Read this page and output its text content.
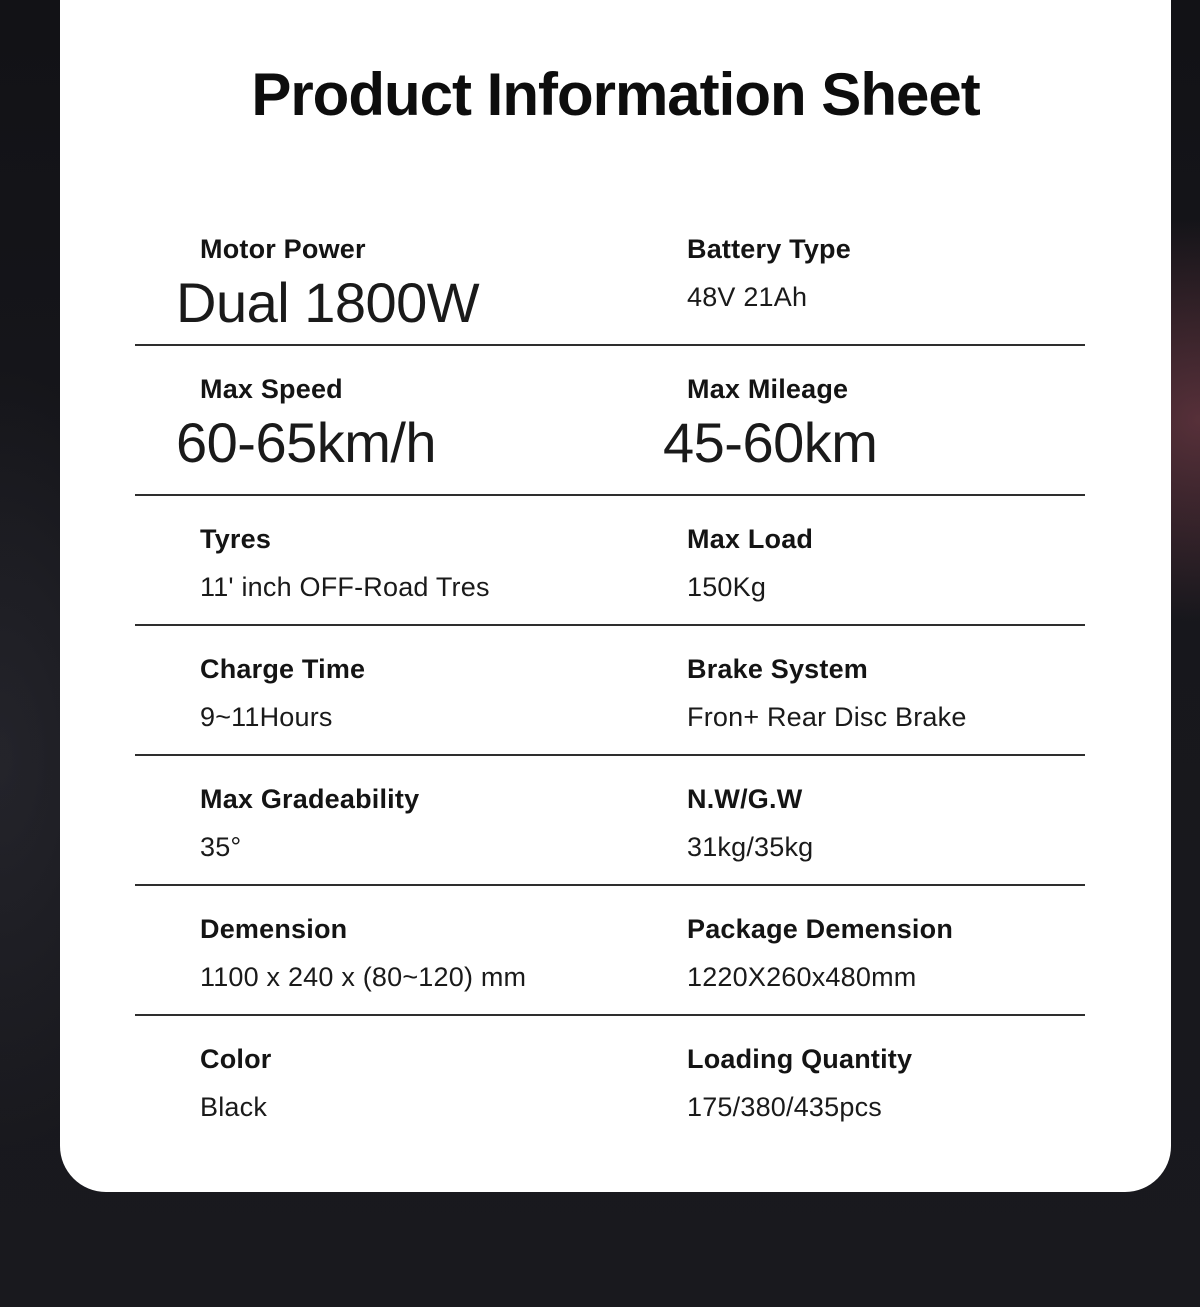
Product Information Sheet
Motor Power
Dual 1800W
Battery Type
48V 21Ah
Max Speed
60-65km/h
Max Mileage
45-60km
Tyres
11' inch OFF-Road Tres
Max Load
150Kg
Charge Time
9~11Hours
Brake System
Fron+ Rear Disc Brake
Max Gradeability
35°
N.W/G.W
31kg/35kg
Demension
1100 x 240 x (80~120) mm
Package Demension
1220X260x480mm
Color
Black
Loading Quantity
175/380/435pcs
